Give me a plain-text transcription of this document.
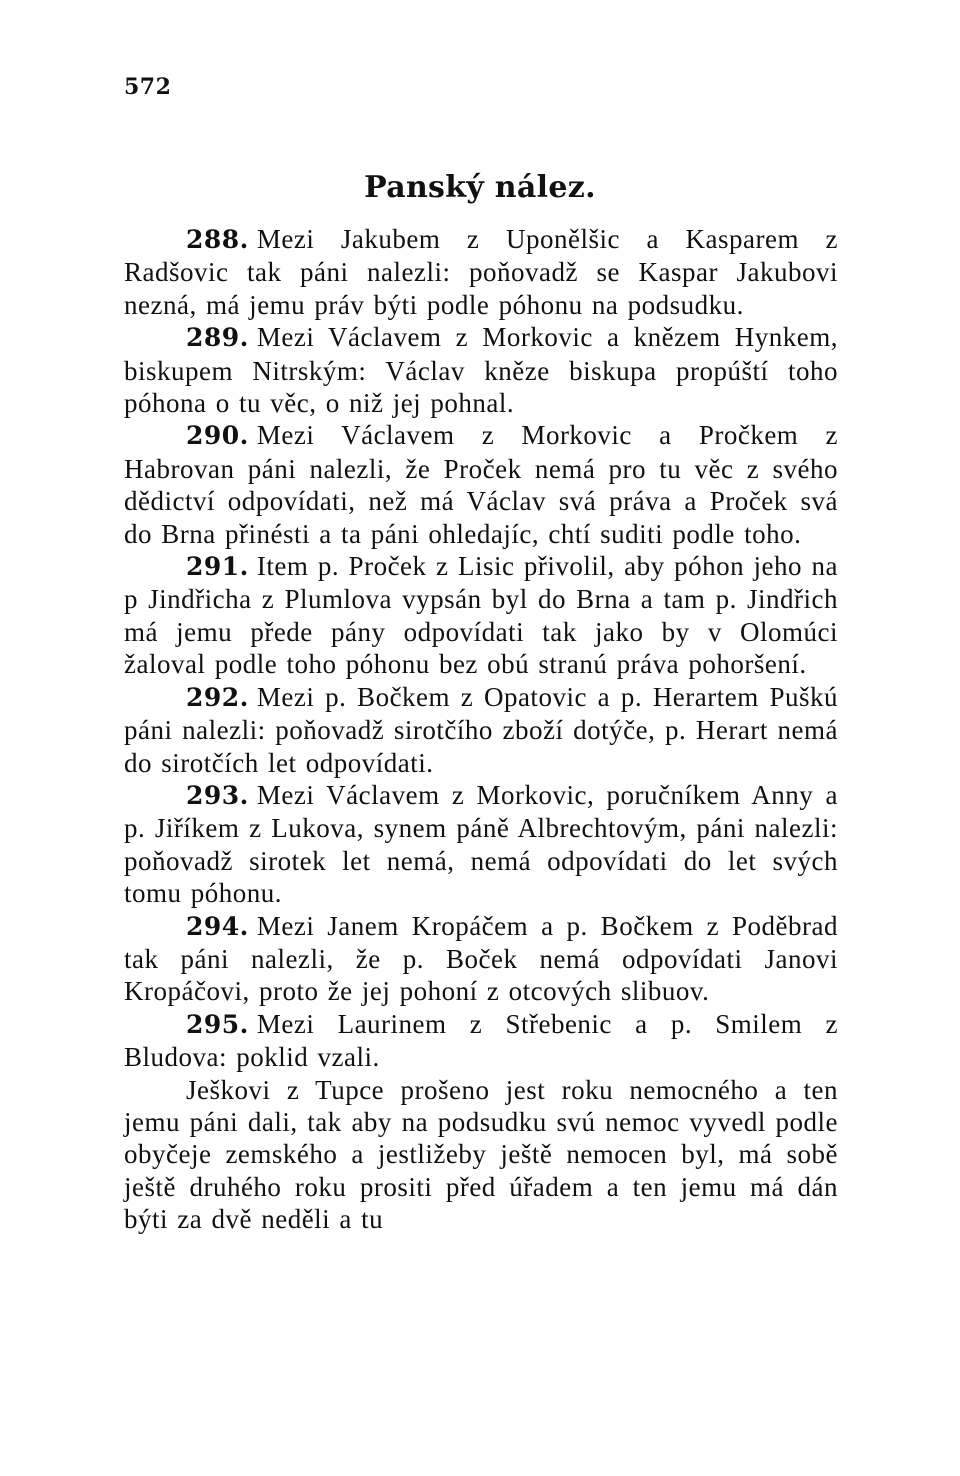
572
Panský nález.

288. Mezi Jakubem z Uponělšic a Kasparem z Radšovic tak páni nalezli: poňovadž se Kaspar Jakubovi nezná, má jemu práv býti podle póhonu na podsudku.

289. Mezi Václavem z Morkovic a knězem Hynkem, biskupem Nitrským: Václav kněze biskupa propúští toho póhona o tu věc, o niž jej pohnal.

290. Mezi Václavem z Morkovic a Pročkem z Habrovan páni nalezli, že Proček nemá pro tu věc z svého dědictví odpovídati, než má Václav svá práva a Proček svá do Brna přinésti a ta páni ohledajíc, chtí suditi podle toho.

291. Item p. Proček z Lisic přivolil, aby póhon jeho na p Jindřicha z Plumlova vypsán byl do Brna a tam p. Jindřich má jemu přede pány odpovídati tak jako by v Olomúci žaloval podle toho póhonu bez obú stranú práva pohoršení.

292. Mezi p. Bočkem z Opatovic a p. Herartem Puškú páni nalezli: poňovadž sirotčího zboží dotýče, p. Herart nemá do sirotčích let odpovídati.

293. Mezi Václavem z Morkovic, poručníkem Anny a p. Jiříkem z Lukova, synem páně Albrechtovým, páni nalezli: poňovadž sirotek let nemá, nemá odpovídati do let svých tomu póhonu.

294. Mezi Janem Kropáčem a p. Bočkem z Poděbrad tak páni nalezli, že p. Boček nemá odpovídati Janovi Kropáčovi, proto že jej pohoní z otcových slibuov.

295. Mezi Laurinem z Střebenic a p. Smilem z Bludova: poklid vzali.

Ješkovi z Tupce prošeno jest roku nemocného a ten jemu páni dali, tak aby na podsudku svú nemoc vyvedl podle obyčeje zemského a jestližeby ještě nemocen byl, má sobě ještě druhého roku prositi před úřadem a ten jemu má dán býti za dvě neděli a tu
